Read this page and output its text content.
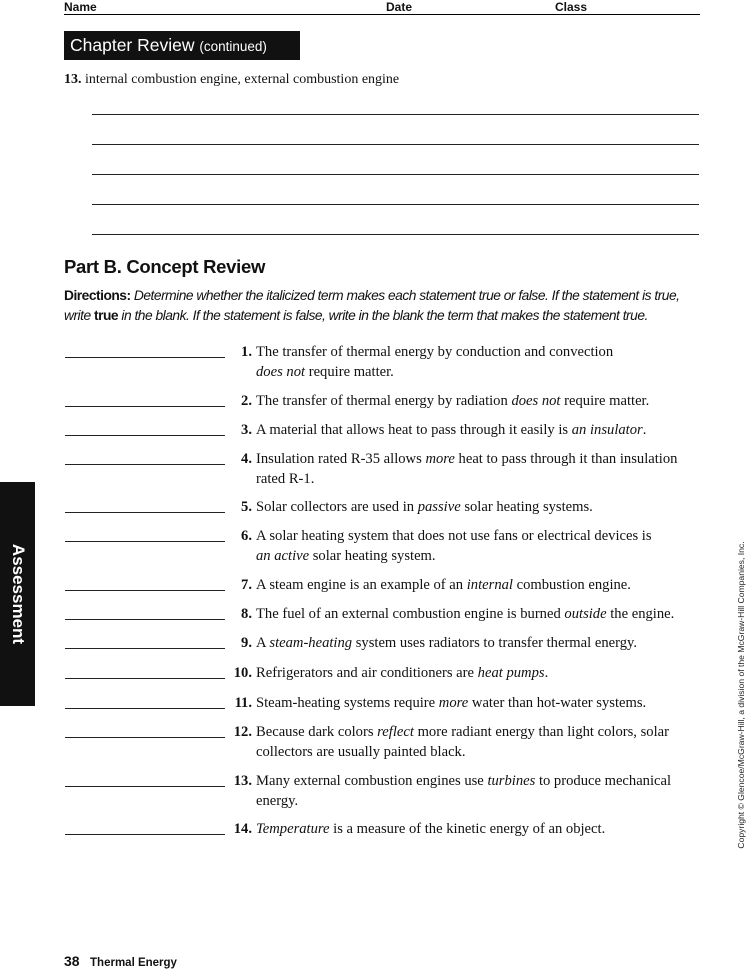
Name	Date	Class
Chapter Review (continued)
13. internal combustion engine, external combustion engine
Part B. Concept Review
Directions: Determine whether the italicized term makes each statement true or false. If the statement is true, write true in the blank. If the statement is false, write in the blank the term that makes the statement true.
1. The transfer of thermal energy by conduction and convection
does not require matter.
2. The transfer of thermal energy by radiation does not require matter.
3. A material that allows heat to pass through it easily is an insulator.
4. Insulation rated R-35 allows more heat to pass through it than insulation rated R-1.
5. Solar collectors are used in passive solar heating systems.
6. A solar heating system that does not use fans or electrical devices is
an active solar heating system.
7. A steam engine is an example of an internal combustion engine.
8. The fuel of an external combustion engine is burned outside the engine.
9. A steam-heating system uses radiators to transfer thermal energy.
10. Refrigerators and air conditioners are heat pumps.
11. Steam-heating systems require more water than hot-water systems.
12. Because dark colors reflect more radiant energy than light colors, solar collectors are usually painted black.
13. Many external combustion engines use turbines to produce mechanical energy.
14. Temperature is a measure of the kinetic energy of an object.
Assessment	Copyright © Glencoe/McGraw-Hill, a division of the McGraw-Hill Companies, Inc.
38 Thermal Energy
